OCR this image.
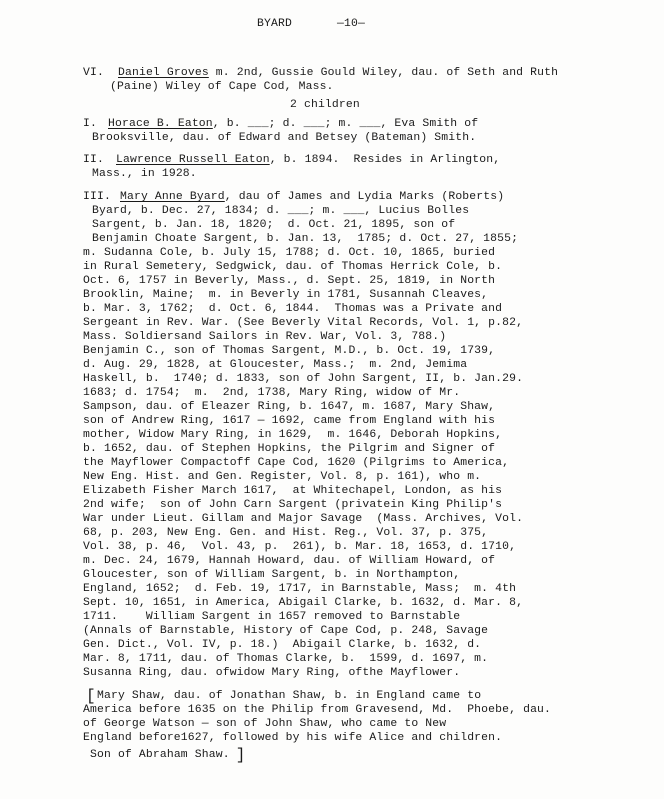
BYARD	—10—
VI. Daniel Groves m. 2nd, Gussie Gould Wiley, dau. of Seth and Ruth
(Paine) Wiley of Cape Cod, Mass.
2 children
I. Horace B. Eaton, b. ___; d. ___; m. ___, Eva Smith of
Brooksville, dau. of Edward and Betsey (Bateman) Smith.
II. Lawrence Russell Eaton, b. 1894.  Resides in Arlington,
Mass., in 1928.
III. Mary Anne Byard, dau of James and Lydia Marks (Roberts)
Byard, b. Dec. 27, 1834; d. ___; m. ___, Lucius Bolles
Sargent, b. Jan. 18, 1820;  d. Oct. 21, 1895, son of
Benjamin Choate Sargent, b. Jan. 13,  1785; d. Oct. 27, 1855;
m. Sudanna Cole, b. July 15, 1788; d. Oct. 10, 1865, buried
in Rural Semetery, Sedgwick, dau. of Thomas Herrick Cole, b.
Oct. 6, 1757 in Beverly, Mass., d. Sept. 25, 1819, in North
Brooklin, Maine;  m. in Beverly in 1781, Susannah Cleaves,
b. Mar. 3, 1762;  d. Oct. 6, 1844.  Thomas was a Private and
Sergeant in Rev. War. (See Beverly Vital Records, Vol. 1, p.82,
Mass. Soldiersand Sailors in Rev. War, Vol. 3, 788.)
Benjamin C., son of Thomas Sargent, M.D., b. Oct. 19, 1739,
d. Aug. 29, 1828, at Gloucester, Mass.;  m. 2nd, Jemima
Haskell, b.  1740; d. 1833, son of John Sargent, II, b. Jan.29.
1683; d. 1754;  m.  2nd, 1738, Mary Ring, widow of Mr.
Sampson, dau. of Eleazer Ring, b. 1647, m. 1687, Mary Shaw,
son of Andrew Ring, 1617 — 1692, came from England with his
mother, Widow Mary Ring, in 1629,  m. 1646, Deborah Hopkins,
b. 1652, dau. of Stephen Hopkins, the Pilgrim and Signer of
the Mayflower Compactoff Cape Cod, 1620 (Pilgrims to America,
New Eng. Hist. and Gen. Register, Vol. 8, p. 161), who m.
Elizabeth Fisher March 1617,  at Whitechapel, London, as his
2nd wife;  son of John Carn Sargent (privatein King Philip's
War under Lieut. Gillam and Major Savage  (Mass. Archives, Vol.
68, p. 203, New Eng. Gen. and Hist. Reg., Vol. 37, p. 375,
Vol. 38, p. 46,  Vol. 43, p.  261), b. Mar. 18, 1653, d. 1710,
m. Dec. 24, 1679, Hannah Howard, dau. of William Howard, of
Gloucester, son of William Sargent, b. in Northampton,
England, 1652;  d. Feb. 19, 1717, in Barnstable, Mass;  m. 4th
Sept. 10, 1651, in America, Abigail Clarke, b. 1632, d. Mar. 8,
1711.    William Sargent in 1657 removed to Barnstable
(Annals of Barnstable, History of Cape Cod, p. 248, Savage
Gen. Dict., Vol. IV, p. 18.)  Abigail Clarke, b. 1632, d.
Mar. 8, 1711, dau. of Thomas Clarke, b.  1599, d. 1697, m.
Susanna Ring, dau. ofwidow Mary Ring, ofthe Mayflower.
[ Mary Shaw, dau. of Jonathan Shaw, b. in England came to
America before 1635 on the Philip from Gravesend, Md.  Phoebe, dau.
of George Watson — son of John Shaw, who came to New
England before1627, followed by his wife Alice and children.
Son of Abraham Shaw. ]
